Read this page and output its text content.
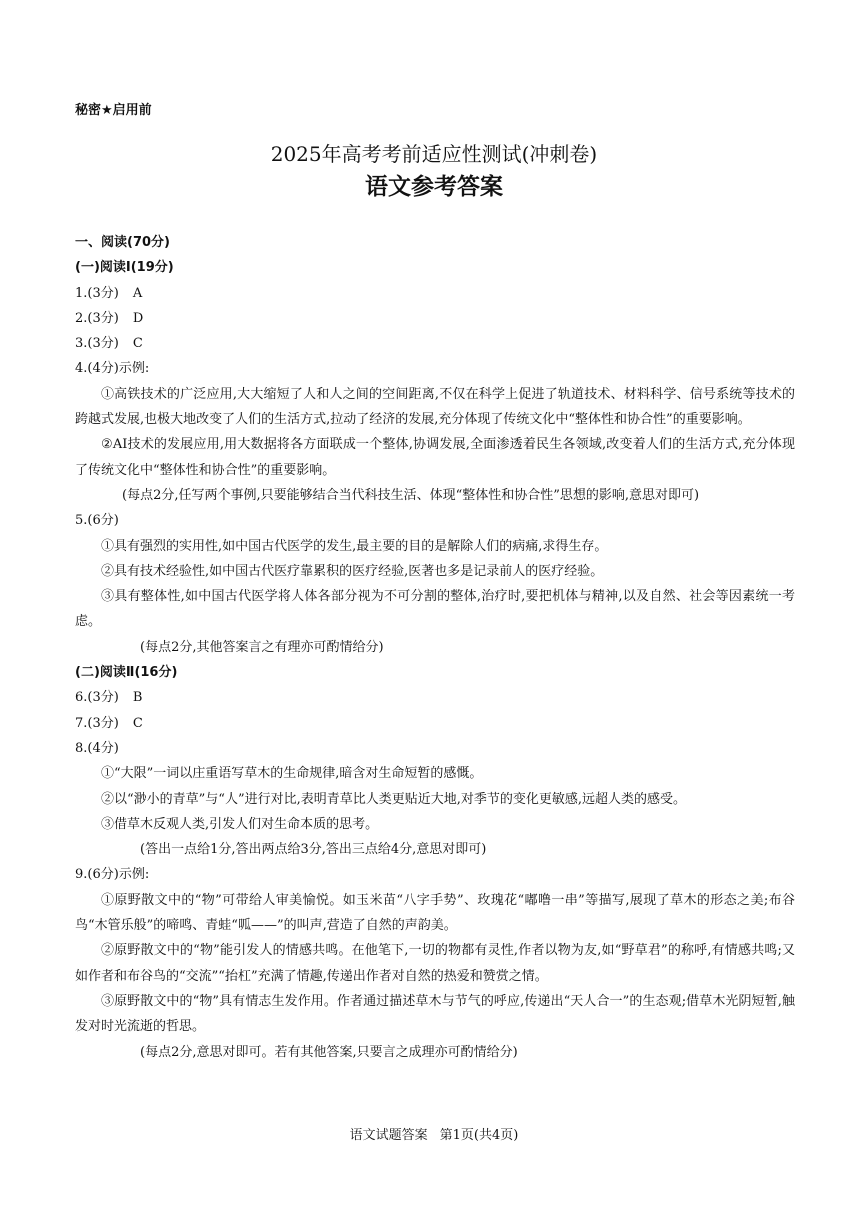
秘密★启用前
2025年高考考前适应性测试(冲刺卷)
语文参考答案
一、阅读(70分)
(一)阅读Ⅰ(19分)
1.(3分) A
2.(3分) D
3.(3分) C
4.(4分)示例:
①高铁技术的广泛应用,大大缩短了人和人之间的空间距离,不仅在科学上促进了轨道技术、材料科学、信号系统等技术的跨越式发展,也极大地改变了人们的生活方式,拉动了经济的发展,充分体现了传统文化中“整体性和协合性”的重要影响。
②AI技术的发展应用,用大数据将各方面联成一个整体,协调发展,全面渗透着民生各领域,改变着人们的生活方式,充分体现了传统文化中“整体性和协合性”的重要影响。
(每点2分,任写两个事例,只要能够结合当代科技生活、体现“整体性和协合性”思想的影响,意思对即可)
5.(6分)
①具有强烈的实用性,如中国古代医学的发生,最主要的目的是解除人们的病痛,求得生存。
②具有技术经验性,如中国古代医疗靠累积的医疗经验,医著也多是记录前人的医疗经验。
③具有整体性,如中国古代医学将人体各部分视为不可分割的整体,治疗时,要把机体与精神,以及自然、社会等因素统一考虑。
(每点2分,其他答案言之有理亦可酌情给分)
(二)阅读Ⅱ(16分)
6.(3分) B
7.(3分) C
8.(4分)
①“大限”一词以庄重语写草木的生命规律,暗含对生命短暂的感慨。
②以“渺小的青草”与“人”进行对比,表明青草比人类更贴近大地,对季节的变化更敏感,远超人类的感受。
③借草木反观人类,引发人们对生命本质的思考。
(答出一点给1分,答出两点给3分,答出三点给4分,意思对即可)
9.(6分)示例:
①原野散文中的“物”可带给人审美愉悦。如玉米苗“八字手势”、玫瑰花“嘟噜一串”等描写,展现了草木的形态之美;布谷鸟“木管乐般”的啼鸣、青蛙“呱——”的叫声,营造了自然的声韵美。
②原野散文中的“物”能引发人的情感共鸣。在他笔下,一切的物都有灵性,作者以物为友,如“野草君”的称呼,有情感共鸣;又如作者和布谷鸟的“交流”“抬杠”充满了情趣,传递出作者对自然的热爱和赞赏之情。
③原野散文中的“物”具有情志生发作用。作者通过描述草木与节气的呼应,传递出“天人合一”的生态观;借草木光阴短暂,触发对时光流逝的哲思。
(每点2分,意思对即可。若有其他答案,只要言之成理亦可酌情给分)
语文试题答案 第1页(共4页)
